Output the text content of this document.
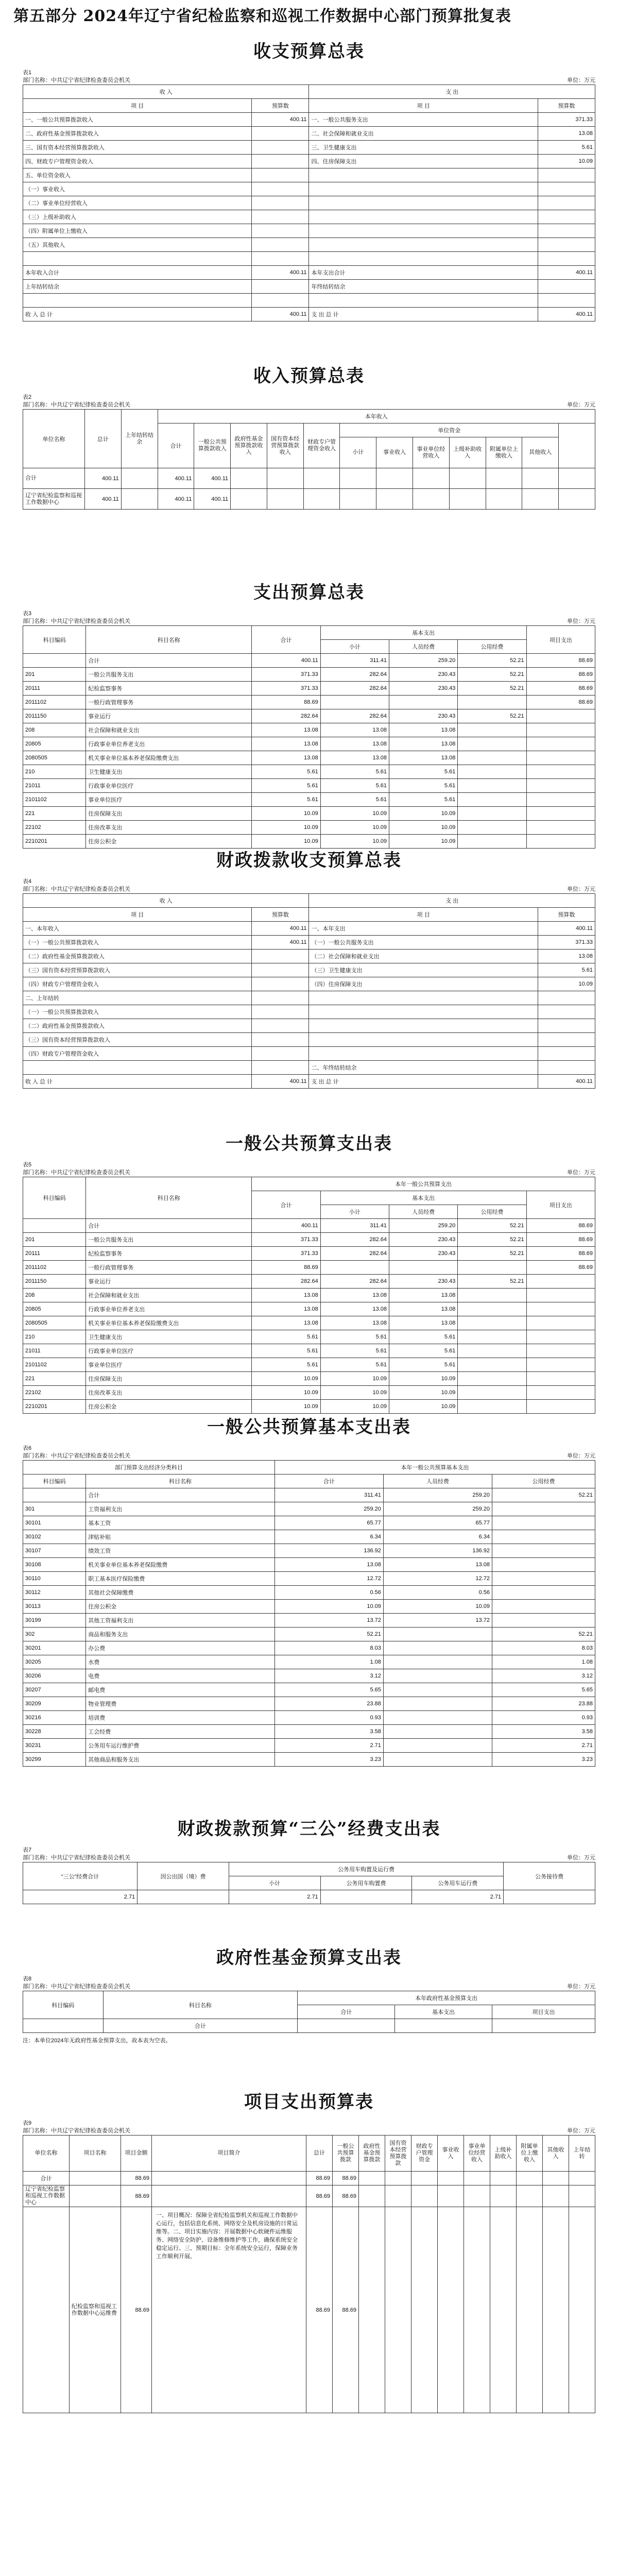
第五部分 2024年辽宁省纪检监察和巡视工作数据中心部门预算批复表
收支预算总表
表1
部门名称：中共辽宁省纪律检查委员会机关	单位：万元
收 入		支 出	
项 目	预算数	项 目	预算数
一、一般公共预算拨款收入	400.11	一、一般公共服务支出	371.33
二、政府性基金预算拨款收入		二、社会保障和就业支出	13.08
三、国有资本经营预算拨款收入		三、卫生健康支出	5.61
四、财政专户管理资金收入		四、住房保障支出	10.09
五、单位资金收入			
（一）事业收入			
（二）事业单位经营收入			
（三）上级补助收入			
（四）附属单位上缴收入			
（五）其他收入			

本年收入合计	400.11	本年支出合计	400.11
上年结转结余		年终结转结余	

收 入 总 计	400.11	支 出 总 计	400.11
收入预算总表
表2
部门名称：中共辽宁省纪律检查委员会机关	单位：万元
单位名称	总计	上年结转结余	本年收入											
			合计	一般公共预算拨款收入	政府性基金预算拨款收入	国有资本经营预算拨款收入	财政专户管理资金收入	单位资金						
								小计	事业收入	事业单位经营收入	上级补助收入	附属单位上缴收入	其他收入	
合计	400.11		400.11	400.11										
辽宁省纪检监察和巡视工作数据中心	400.11		400.11	400.11										
支出预算总表
表3
部门名称：中共辽宁省纪律检查委员会机关	单位：万元
科目编码	科目名称	合计	基本支出			项目支出
			小计	人员经费	公用经费	
	合计	400.11	311.41	259.20	52.21	88.69
201	一般公共服务支出	371.33	282.64	230.43	52.21	88.69
20111	纪检监察事务	371.33	282.64	230.43	52.21	88.69
2011102	一般行政管理事务	88.69				88.69
2011150	事业运行	282.64	282.64	230.43	52.21	
208	社会保障和就业支出	13.08	13.08	13.08		
20805	行政事业单位养老支出	13.08	13.08	13.08		
2080505	机关事业单位基本养老保险缴费支出	13.08	13.08	13.08		
210	卫生健康支出	5.61	5.61	5.61		
21011	行政事业单位医疗	5.61	5.61	5.61		
2101102	事业单位医疗	5.61	5.61	5.61		
221	住房保障支出	10.09	10.09	10.09		
22102	住房改革支出	10.09	10.09	10.09		
2210201	住房公积金	10.09	10.09	10.09		
财政拨款收支预算总表
表4
部门名称：中共辽宁省纪律检查委员会机关	单位：万元
收 入		支 出	
项 目	预算数	项 目	预算数
一、本年收入	400.11	一、本年支出	400.11
（一）一般公共预算拨款收入	400.11	（一）一般公共服务支出	371.33
（二）政府性基金预算拨款收入		（二）社会保障和就业支出	13.08
（三）国有资本经营预算拨款收入		（三）卫生健康支出	5.61
（四）财政专户管理资金收入		（四）住房保障支出	10.09
二、上年结转			
（一）一般公共预算拨款收入			
（二）政府性基金预算拨款收入			
（三）国有资本经营预算拨款收入			
（四）财政专户管理资金收入			
		二、年终结转结余	
收 入 总 计	400.11	支 出 总 计	400.11
一般公共预算支出表
表5
部门名称：中共辽宁省纪律检查委员会机关	单位：万元
科目编码	科目名称	本年一般公共预算支出				
		合计	基本支出			项目支出
			小计	人员经费	公用经费	
	合计	400.11	311.41	259.20	52.21	88.69
201	一般公共服务支出	371.33	282.64	230.43	52.21	88.69
20111	纪检监察事务	371.33	282.64	230.43	52.21	88.69
2011102	一般行政管理事务	88.69				88.69
2011150	事业运行	282.64	282.64	230.43	52.21	
208	社会保障和就业支出	13.08	13.08	13.08		
20805	行政事业单位养老支出	13.08	13.08	13.08		
2080505	机关事业单位基本养老保险缴费支出	13.08	13.08	13.08		
210	卫生健康支出	5.61	5.61	5.61		
21011	行政事业单位医疗	5.61	5.61	5.61		
2101102	事业单位医疗	5.61	5.61	5.61		
221	住房保障支出	10.09	10.09	10.09		
22102	住房改革支出	10.09	10.09	10.09		
2210201	住房公积金	10.09	10.09	10.09		
一般公共预算基本支出表
表6
部门名称：中共辽宁省纪律检查委员会机关	单位：万元
部门预算支出经济分类科目		本年一般公共预算基本支出		
科目编码	科目名称	合计	人员经费	公用经费
	合计	311.41	259.20	52.21
301	工资福利支出	259.20	259.20	
30101	基本工资	65.77	65.77	
30102	津贴补贴	6.34	6.34	
30107	绩效工资	136.92	136.92	
30108	机关事业单位基本养老保险缴费	13.08	13.08	
30110	职工基本医疗保险缴费	12.72	12.72	
30112	其他社会保障缴费	0.56	0.56	
30113	住房公积金	10.09	10.09	
30199	其他工资福利支出	13.72	13.72	
302	商品和服务支出	52.21		52.21
30201	办公费	8.03		8.03
30205	水费	1.08		1.08
30206	电费	3.12		3.12
30207	邮电费	5.65		5.65
30209	物业管理费	23.88		23.88
30216	培训费	0.93		0.93
30228	工会经费	3.58		3.58
30231	公务用车运行维护费	2.71		2.71
30299	其他商品和服务支出	3.23		3.23
财政拨款预算“三公”经费支出表
表7
部门名称：中共辽宁省纪律检查委员会机关	单位：万元
“三公”经费合计	因公出国（境）费	公务用车购置及运行费			公务接待费
		小计	公务用车购置费	公务用车运行费	
2.71		2.71		2.71	
政府性基金预算支出表
表8
部门名称：中共辽宁省纪律检查委员会机关	单位：万元
科目编码	科目名称	本年政府性基金预算支出		
		合计	基本支出	项目支出
	合计			
注：本单位2024年无政府性基金预算支出，故本表为空表。
项目支出预算表
表9
部门名称：中共辽宁省纪律检查委员会机关	单位：万元
单位名称	项目名称	项目金额	项目简介	总计	一般公共预算拨款	政府性基金预算拨款	国有资本经营预算拨款	财政专户管理资金	事业收入	事业单位经营收入	上级补助收入	附属单位上缴收入	其他收入	上年结转
合计		88.69		88.69	88.69									
辽宁省纪检监察和巡视工作数据中心		88.69		88.69	88.69									
	纪检监察和巡视工作数据中心运维费	88.69	一、项目概况：保障全省纪检监察机关和巡视工作数据中心运行，包括信息化系统、网络安全及机房设施的日常运维等。二、项目实施内容：开展数据中心软硬件运维服务、网络安全防护、设备维修维护等工作，确保系统安全稳定运行。三、预期目标：全年系统安全运行，保障业务工作顺利开展。	88.69	88.69									
